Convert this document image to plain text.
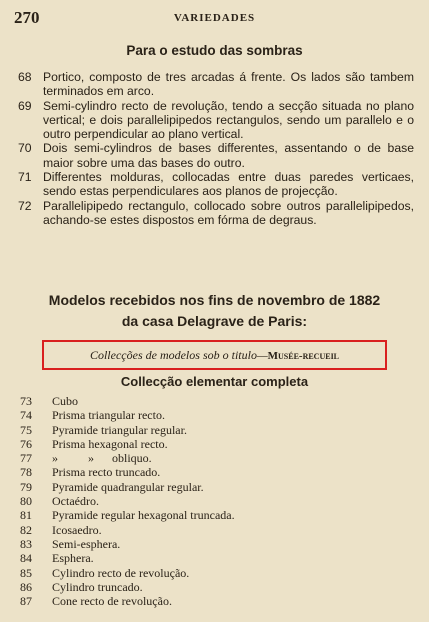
270	VARIEDADES
Para o estudo das sombras
68 Portico, composto de tres arcadas á frente. Os lados são tambem terminados em arco.
69 Semi-cylindro recto de revolução, tendo a secção situada no plano vertical; e dois parallelipipedos rectangulos, sendo um parallelo e o outro perpendicular ao plano vertical.
70 Dois semi-cylindros de bases differentes, assentando o de base maior sobre uma das bases do outro.
71 Differentes molduras, collocadas entre duas paredes verticaes, sendo estas perpendiculares aos planos de projecção.
72 Parallelipipedo rectangulo, collocado sobre outros parallelipipedos, achando-se estes dispostos em fórma de degraus.
Modelos recebidos nos fins de novembro de 1882
da casa Delagrave de Paris:
Collecções de modelos sob o titulo—Musée-recueil
Collecção elementar completa
73	Cubo
74	Prisma triangular recto.
75	Pyramide triangular regular.
76	Prisma hexagonal recto.
77	»          »      obliquo.
78	Prisma recto truncado.
79	Pyramide quadrangular regular.
80	Octaédro.
81	Pyramide regular hexagonal truncada.
82	Icosaedro.
83	Semi-esphera.
84	Esphera.
85	Cylindro recto de revolução.
86	Cylindro truncado.
87	Cone recto de revolução.
